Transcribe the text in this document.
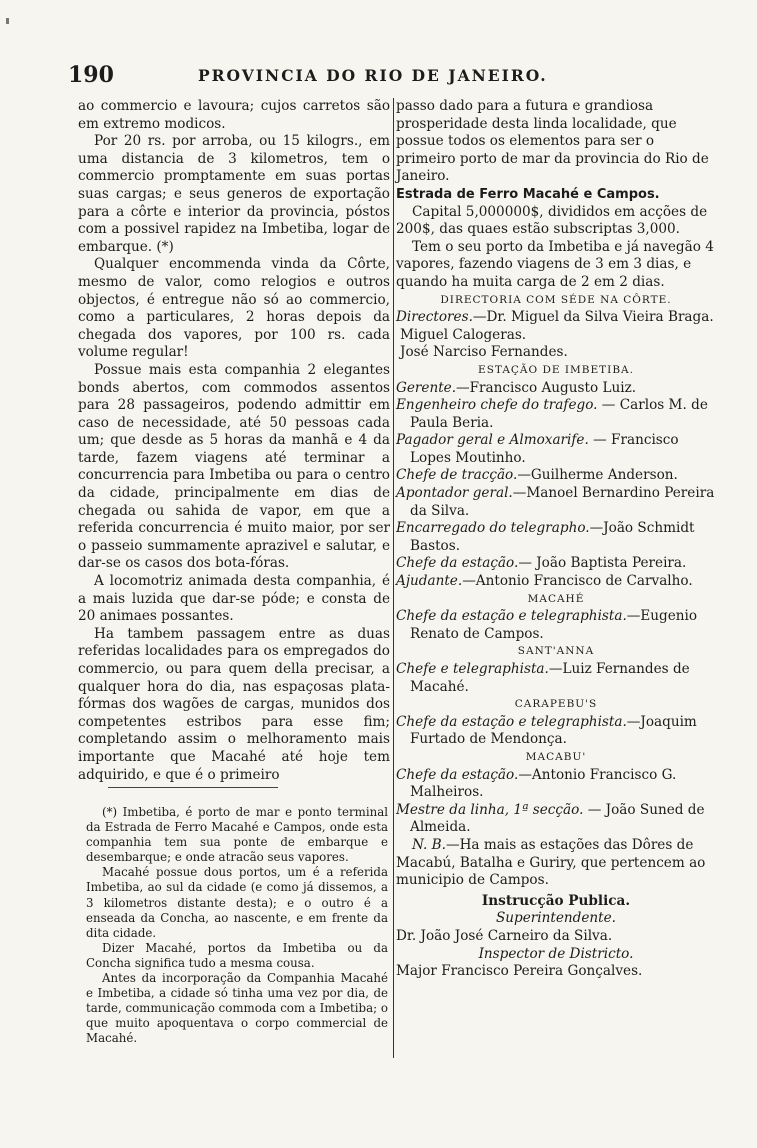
190	PROVINCIA DO RIO DE JANEIRO.

ao commercio e lavoura; cujos carretos são em extremo modicos.

Por 20 rs. por arroba, ou 15 kilogrs., em uma distancia de 3 kilometros, tem o commercio promptamente em suas portas suas cargas; e seus generos de exportação para a côrte e interior da provincia, póstos com a possivel rapidez na Imbetiba, logar de embarque. (*)

Qualquer encommenda vinda da Côrte, mesmo de valor, como relogios e outros objectos, é entregue não só ao commercio, como a particulares, 2 horas depois da chegada dos vapores, por 100 rs. cada volume regular!

Possue mais esta companhia 2 elegantes bonds abertos, com commodos assentos para 28 passageiros, podendo admittir em caso de necessidade, até 50 pessoas cada um; que desde as 5 horas da manhã e 4 da tarde, fazem viagens até terminar a concurrencia para Imbetiba ou para o centro da cidade, principalmente em dias de chegada ou sahida de vapor, em que a referida concurrencia é muito maior, por ser o passeio summamente aprazivel e salutar, e dar-se os casos dos bota-fóras.

A locomotriz animada desta companhia, é a mais luzida que dar-se póde; e consta de 20 animaes possantes.

Ha tambem passagem entre as duas referidas localidades para os empregados do commercio, ou para quem della precisar, a qualquer hora do dia, nas espaçosas plata-fórmas dos wagões de cargas, munidos dos competentes estribos para esse fim; completando assim o melhoramento mais importante que Macahé até hoje tem adquirido, e que é o primeiro

(*) Imbetiba, é porto de mar e ponto terminal da Estrada de Ferro Macahé e Campos, onde esta companhia tem sua ponte de embarque e desembarque; e onde atracão seus vapores.

Macahé possue dous portos, um é a referida Imbetiba, ao sul da cidade (e como já dissemos, a 3 kilometros distante desta); e o outro é a enseada da Concha, ao nascente, e em frente da dita cidade.

Dizer Macahé, portos da Imbetiba ou da Concha significa tudo a mesma cousa.

Antes da incorporação da Companhia Macahé e Imbetiba, a cidade só tinha uma vez por dia, de tarde, communicação commoda com a Imbetiba; o que muito apoquentava o corpo commercial de Macahé.

passo dado para a futura e grandiosa prosperidade desta linda localidade, que possue todos os elementos para ser o primeiro porto de mar da provincia do Rio de Janeiro.

Estrada de Ferro Macahé e Campos.

Capital 5,000000$, divididos em acções de 200$, das quaes estão subscriptas 3,000.

Tem o seu porto da Imbetiba e já navegão 4 vapores, fazendo viagens de 3 em 3 dias, e quando ha muita carga de 2 em 2 dias.

DIRECTORIA COM SÉDE NA CÔRTE.

Directores.—Dr. Miguel da Silva Vieira Braga.

Miguel Calogeras.

José Narciso Fernandes.

ESTAÇÃO DE IMBETIBA.

Gerente.—Francisco Augusto Luiz.

Engenheiro chefe do trafego. — Carlos M. de Paula Beria.

Pagador geral e Almoxarife. — Francisco Lopes Moutinho.

Chefe de tracção.—Guilherme Anderson.

Apontador geral.—Manoel Bernardino Pereira da Silva.

Encarregado do telegrapho.—João Schmidt Bastos.

Chefe da estação.— João Baptista Pereira.

Ajudante.—Antonio Francisco de Carvalho.

MACAHÉ

Chefe da estação e telegraphista.—Eugenio Renato de Campos.

SANT'ANNA

Chefe e telegraphista.—Luiz Fernandes de Macahé.

CARAPEBU'S

Chefe da estação e telegraphista.—Joaquim Furtado de Mendonça.

MACABU'

Chefe da estação.—Antonio Francisco G. Malheiros.

Mestre da linha, 1ª secção. — João Suned de Almeida.

N. B.—Ha mais as estações das Dôres de Macabú, Batalha e Guriry, que pertencem ao municipio de Campos.

Instrucção Publica.

Superintendente.

Dr. João José Carneiro da Silva.

Inspector de Districto.

Major Francisco Pereira Gonçalves.
